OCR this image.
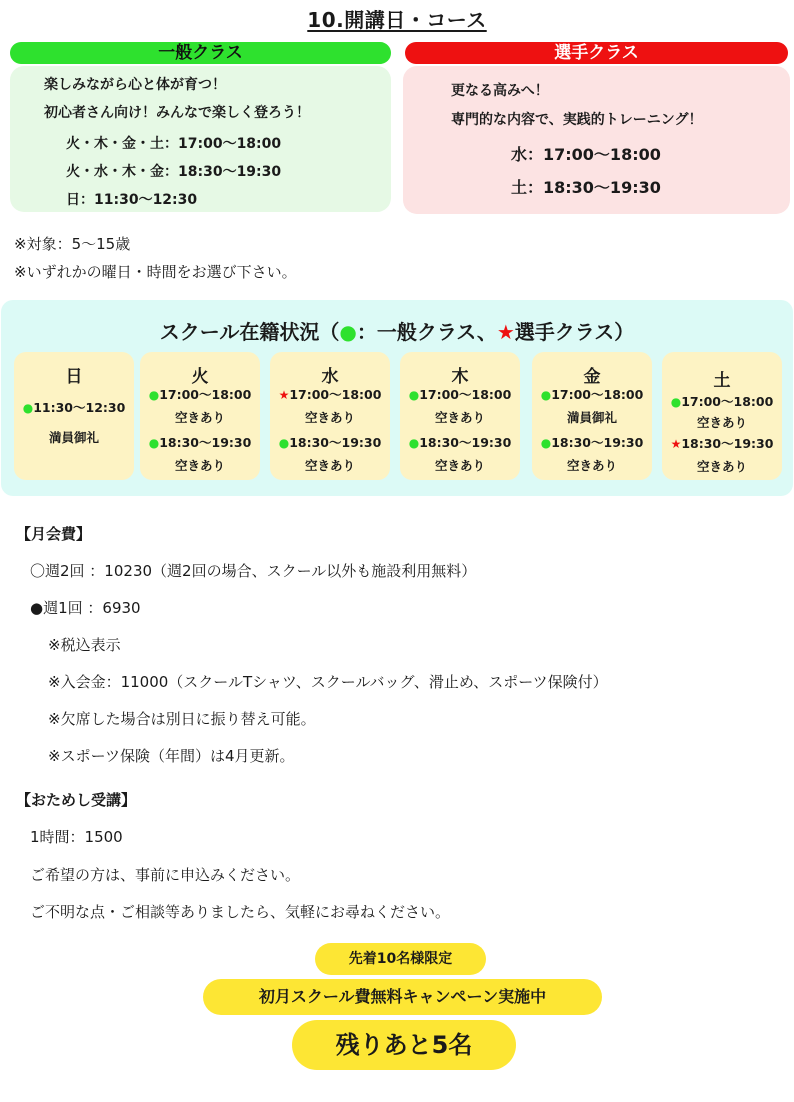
10.開講日・コース
一般クラス	選手クラス
楽しみながら心と体が育つ！
初心者さん向け！みんなで楽しく登ろう！
火・木・金・土：17:00〜18:00
火・水・木・金：18:30〜19:30
日：11:30〜12:30
更なる高みへ！
専門的な内容で、実践的トレーニング！
水：17:00〜18:00
土：18:30〜19:30
※対象：5〜15歳
※いずれかの曜日・時間をお選び下さい。
スクール在籍状況（●：一般クラス、★選手クラス）
日
●11:30〜12:30
満員御礼
火
●17:00〜18:00
空きあり
●18:30〜19:30
空きあり
水
★17:00〜18:00
空きあり
●18:30〜19:30
空きあり
木
●17:00〜18:00
空きあり
●18:30〜19:30
空きあり
金
●17:00〜18:00
満員御礼
●18:30〜19:30
空きあり
土
●17:00〜18:00
空きあり
★18:30〜19:30
空きあり
【月会費】
〇週2回 ：10230（週2回の場合、スクール以外も施設利用無料）
●週1回 ：6930
※税込表示
※入会金：11000（スクールTシャツ、スクールバッグ、滑止め、スポーツ保険付）
※欠席した場合は別日に振り替え可能。
※スポーツ保険（年間）は4月更新。
【おためし受講】
1時間：1500
ご希望の方は、事前に申込みください。
ご不明な点・ご相談等ありましたら、気軽にお尋ねください。
先着10名様限定
初月スクール費無料キャンペーン実施中
残りあと5名
